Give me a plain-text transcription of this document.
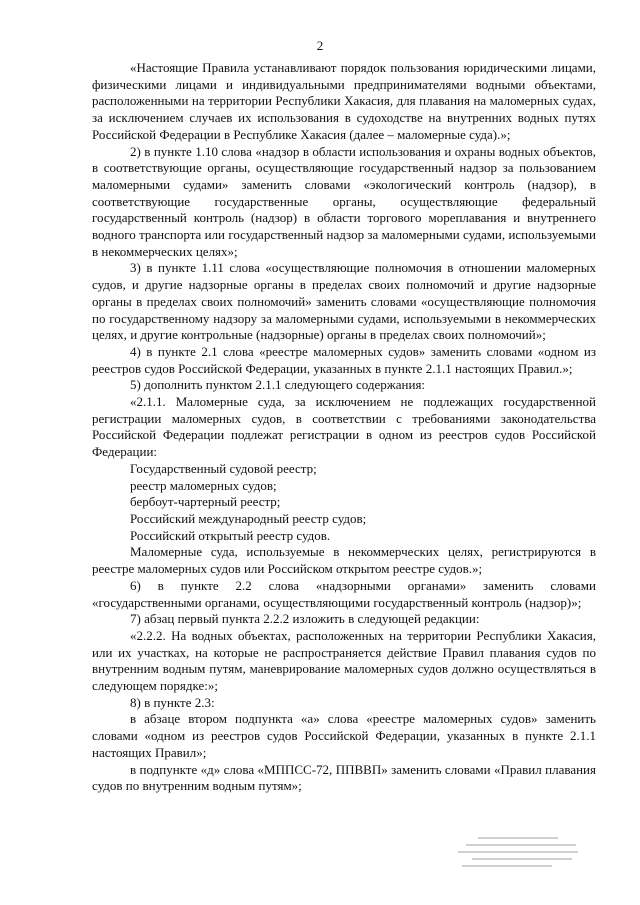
2

«Настоящие Правила устанавливают порядок пользования юридическими лицами, физическими лицами и индивидуальными предпринимателями водными объектами, расположенными на территории Республики Хакасия, для плавания на маломерных судах, за исключением случаев их использования в судоходстве на внутренних водных путях Российской Федерации в Республике Хакасия (далее – маломерные суда).»;

2) в пункте 1.10 слова «надзор в области использования и охраны водных объектов, в соответствующие органы, осуществляющие государственный надзор за пользованием маломерными судами» заменить словами «экологический контроль (надзор), в соответствующие государственные органы, осуществляющие федеральный государственный контроль (надзор) в области торгового мореплавания и внутреннего водного транспорта или государственный надзор за маломерными судами, используемыми в некоммерческих целях»;

3) в пункте 1.11 слова «осуществляющие полномочия в отношении маломерных судов, и другие надзорные органы в пределах своих полномочий и другие надзорные органы в пределах своих полномочий» заменить словами «осуществляющие полномочия по государственному надзору за маломерными судами, используемыми в некоммерческих целях, и другие контрольные (надзорные) органы в пределах своих полномочий»;

4) в пункте 2.1 слова «реестре маломерных судов» заменить словами «одном из реестров судов Российской Федерации, указанных в пункте 2.1.1 настоящих Правил.»;

5) дополнить пунктом 2.1.1 следующего содержания:

«2.1.1. Маломерные суда, за исключением не подлежащих государственной регистрации маломерных судов, в соответствии с требованиями законодательства Российской Федерации подлежат регистрации в одном из реестров судов Российской Федерации:

Государственный судовой реестр;

реестр маломерных судов;

бербоут-чартерный реестр;

Российский международный реестр судов;

Российский открытый реестр судов.

Маломерные суда, используемые в некоммерческих целях, регистрируются в реестре маломерных судов или Российском открытом реестре судов.»;

6) в пункте 2.2 слова «надзорными органами» заменить словами «государственными органами, осуществляющими государственный контроль (надзор)»;

7) абзац первый пункта 2.2.2 изложить в следующей редакции:

«2.2.2. На водных объектах, расположенных на территории Республики Хакасия, или их участках, на которые не распространяется действие Правил плавания судов по внутренним водным путям, маневрирование маломерных судов должно осуществляться в следующем порядке:»;

8) в пункте 2.3:

в абзаце втором подпункта «а» слова «реестре маломерных судов» заменить словами «одном из реестров судов Российской Федерации, указанных в пункте 2.1.1 настоящих Правил»;

в подпункте «д» слова «МППСС-72, ППВВП» заменить словами «Правил плавания судов по внутренним водным путям»;
